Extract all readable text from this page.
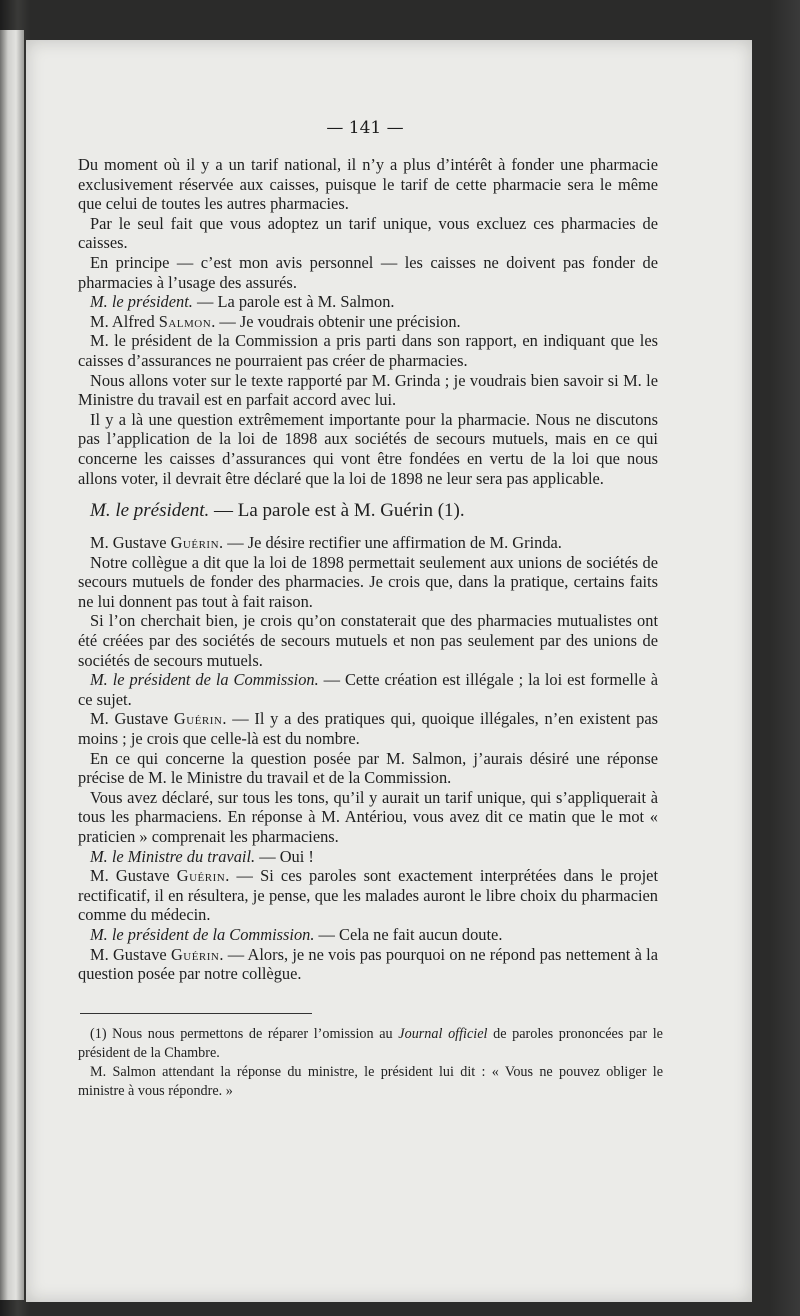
— 141 —

Du moment où il y a un tarif national, il n’y a plus d’intérêt à fonder une pharmacie exclusivement réservée aux caisses, puisque le tarif de cette pharmacie sera le même que celui de toutes les autres pharmacies.

Par le seul fait que vous adoptez un tarif unique, vous excluez ces pharmacies de caisses.

En principe — c’est mon avis personnel — les caisses ne doivent pas fonder de pharmacies à l’usage des assurés.

M. le président. — La parole est à M. Salmon.

M. Alfred Salmon. — Je voudrais obtenir une précision.

M. le président de la Commission a pris parti dans son rapport, en indiquant que les caisses d’assurances ne pourraient pas créer de pharmacies.

Nous allons voter sur le texte rapporté par M. Grinda ; je voudrais bien savoir si M. le Ministre du travail est en parfait accord avec lui.

Il y a là une question extrêmement importante pour la pharmacie. Nous ne discutons pas l’application de la loi de 1898 aux sociétés de secours mutuels, mais en ce qui concerne les caisses d’assurances qui vont être fondées en vertu de la loi que nous allons voter, il devrait être déclaré que la loi de 1898 ne leur sera pas applicable.

M. le président. — La parole est à M. Guérin (1).

M. Gustave Guérin. — Je désire rectifier une affirmation de M. Grinda.

Notre collègue a dit que la loi de 1898 permettait seulement aux unions de sociétés de secours mutuels de fonder des pharmacies. Je crois que, dans la pratique, certains faits ne lui donnent pas tout à fait raison.

Si l’on cherchait bien, je crois qu’on constaterait que des pharmacies mutualistes ont été créées par des sociétés de secours mutuels et non pas seulement par des unions de sociétés de secours mutuels.

M. le président de la Commission. — Cette création est illégale ; la loi est formelle à ce sujet.

M. Gustave Guérin. — Il y a des pratiques qui, quoique illégales, n’en existent pas moins ; je crois que celle-là est du nombre.

En ce qui concerne la question posée par M. Salmon, j’aurais désiré une réponse précise de M. le Ministre du travail et de la Commission.

Vous avez déclaré, sur tous les tons, qu’il y aurait un tarif unique, qui s’appliquerait à tous les pharmaciens. En réponse à M. Antériou, vous avez dit ce matin que le mot « praticien » comprenait les pharmaciens.

M. le Ministre du travail. — Oui !

M. Gustave Guérin. — Si ces paroles sont exactement interprétées dans le projet rectificatif, il en résultera, je pense, que les malades auront le libre choix du pharmacien comme du médecin.

M. le président de la Commission. — Cela ne fait aucun doute.

M. Gustave Guérin. — Alors, je ne vois pas pourquoi on ne répond pas nettement à la question posée par notre collègue.

(1) Nous nous permettons de réparer l’omission au Journal officiel de paroles prononcées par le président de la Chambre.

M. Salmon attendant la réponse du ministre, le président lui dit : « Vous ne pouvez obliger le ministre à vous répondre. »
